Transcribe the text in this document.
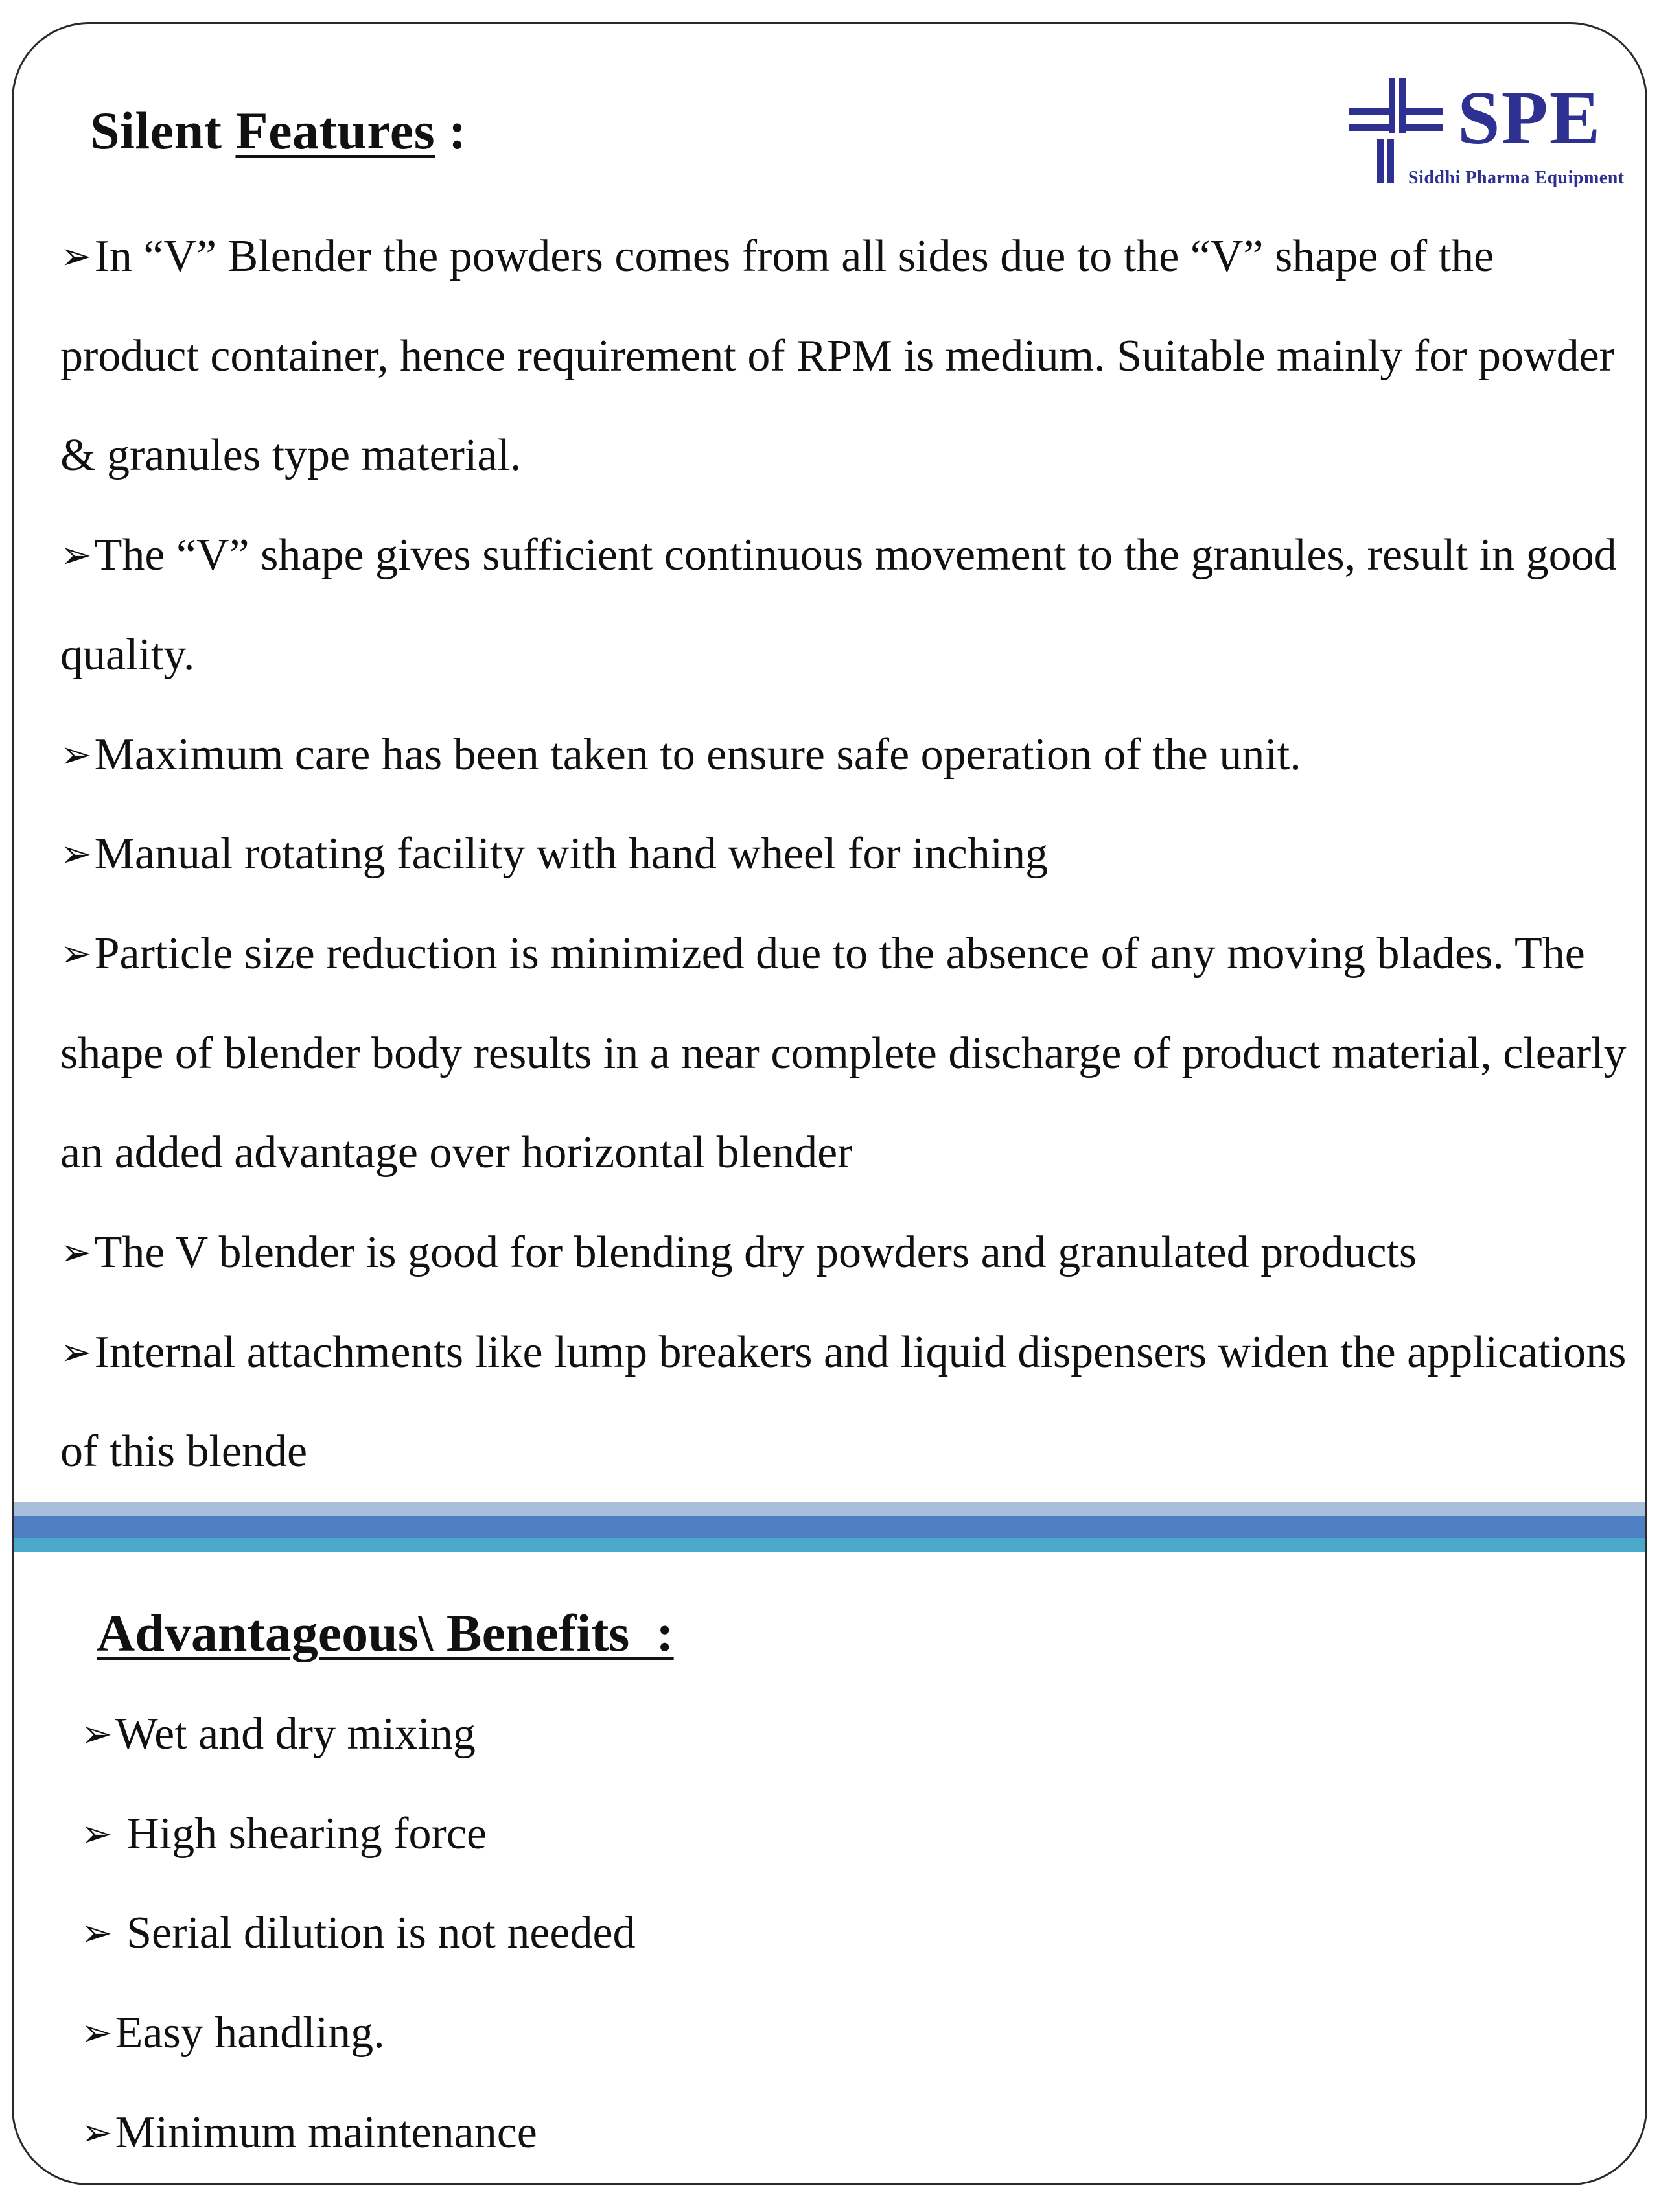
Silent Features :	SPE
Siddhi Pharma Equipment
➢In “V” Blender the powders comes from all sides due to the “V” shape of the product container, hence requirement of RPM is medium. Suitable mainly for powder & granules type material.
➢The “V” shape gives sufficient continuous movement to the granules, result in good quality.
➢Maximum care has been taken to ensure safe operation of the unit.
➢Manual rotating facility with hand wheel for inching
➢Particle size reduction is minimized due to the absence of any moving blades. The shape of blender body results in a near complete discharge of product material, clearly an added advantage over horizontal blender
➢The V blender is good for blending dry powders and granulated products
➢Internal attachments like lump breakers and liquid dispensers widen the applications of this blende
Advantageous\ Benefits  :
➢Wet and dry mixing
➢ High shearing force
➢ Serial dilution is not needed
➢Easy handling.
➢Minimum maintenance
